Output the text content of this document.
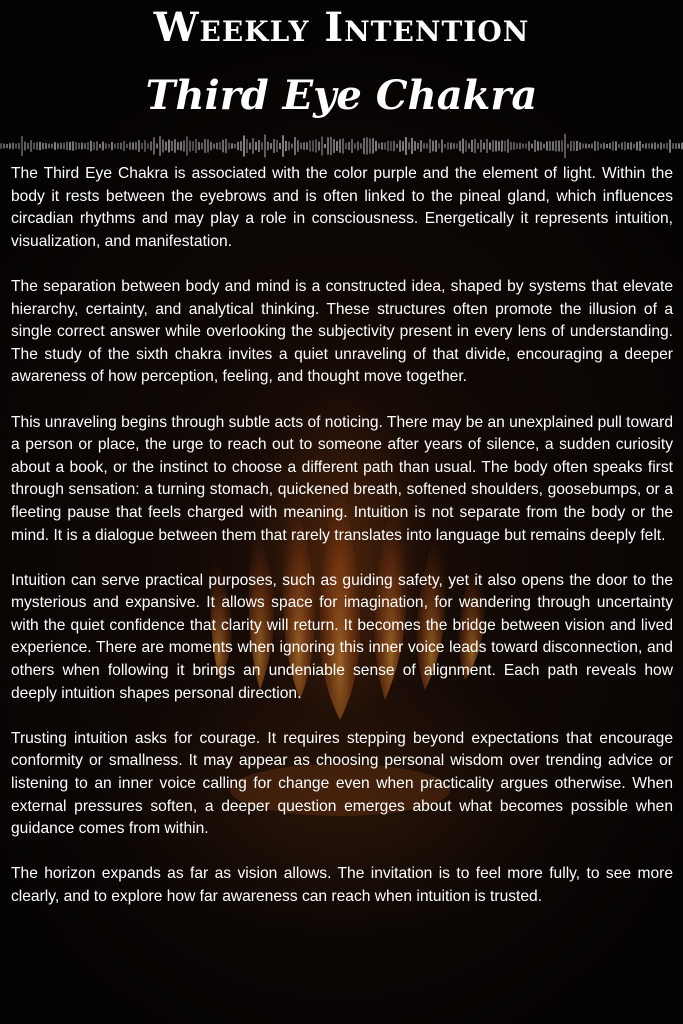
Weekly Intention
Third Eye Chakra

The Third Eye Chakra is associated with the color purple and the element of light. Within the body it rests between the eyebrows and is often linked to the pineal gland, which influences circadian rhythms and may play a role in consciousness. Energetically it represents intuition, visualization, and manifestation.

The separation between body and mind is a constructed idea, shaped by systems that elevate hierarchy, certainty, and analytical thinking. These structures often promote the illusion of a single correct answer while overlooking the subjectivity present in every lens of understanding. The study of the sixth chakra invites a quiet unraveling of that divide, encouraging a deeper awareness of how perception, feeling, and thought move together.

This unraveling begins through subtle acts of noticing. There may be an unexplained pull toward a person or place, the urge to reach out to someone after years of silence, a sudden curiosity about a book, or the instinct to choose a different path than usual. The body often speaks first through sensation: a turning stomach, quickened breath, softened shoulders, goosebumps, or a fleeting pause that feels charged with meaning. Intuition is not separate from the body or the mind. It is a dialogue between them that rarely translates into language but remains deeply felt.

Intuition can serve practical purposes, such as guiding safety, yet it also opens the door to the mysterious and expansive. It allows space for imagination, for wandering through uncertainty with the quiet confidence that clarity will return. It becomes the bridge between vision and lived experience. There are moments when ignoring this inner voice leads toward disconnection, and others when following it brings an undeniable sense of alignment. Each path reveals how deeply intuition shapes personal direction.

Trusting intuition asks for courage. It requires stepping beyond expectations that encourage conformity or smallness. It may appear as choosing personal wisdom over trending advice or listening to an inner voice calling for change even when practicality argues otherwise. When external pressures soften, a deeper question emerges about what becomes possible when guidance comes from within.

The horizon expands as far as vision allows. The invitation is to feel more fully, to see more clearly, and to explore how far awareness can reach when intuition is trusted.
